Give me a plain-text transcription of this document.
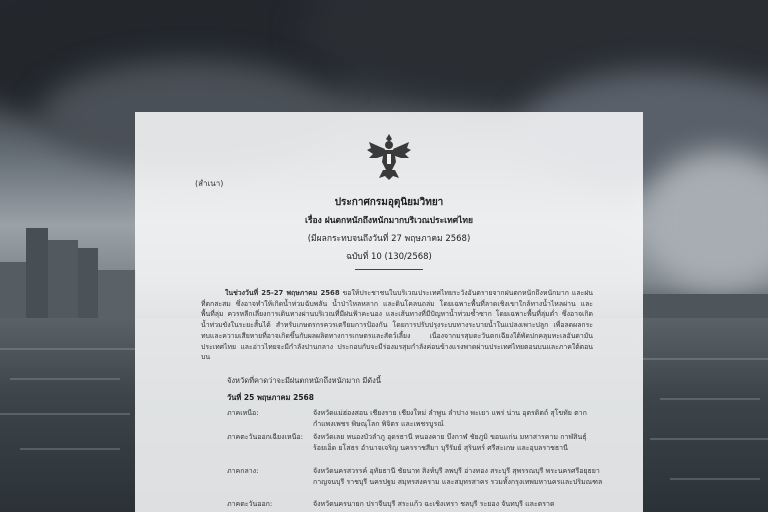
(สำเนา)
ประกาศกรมอุตุนิยมวิทยา
เรื่อง ฝนตกหนักถึงหนักมากบริเวณประเทศไทย
(มีผลกระทบจนถึงวันที่ 27 พฤษภาคม 2568)
ฉบับที่ 10 (130/2568)
ในช่วงวันที่ 25-27 พฤษภาคม 2568 ขอให้ประชาชนในบริเวณประเทศไทยระวังอันตรายจากฝนตกหนักถึงหนักมาก และฝนที่ตกสะสม ซึ่งอาจทำให้เกิดน้ำท่วมฉับพลัน น้ำป่าไหลหลาก และดินโคลนถล่ม โดยเฉพาะพื้นที่ลาดเชิงเขาใกล้ทางน้ำไหลผ่าน และพื้นที่ลุ่ม ควรหลีกเลี่ยงการเดินทางผ่านบริเวณที่มีฝนฟ้าคะนอง และเส้นทางที่มีปัญหาน้ำท่วมซ้ำซาก โดยเฉพาะพื้นที่ลุ่มต่ำ ซึ่งอาจเกิดน้ำท่วมขังในระยะสั้นได้ สำหรับเกษตรกรควรเตรียมการป้องกัน โดยการปรับปรุงระบบทางระบายน้ำในแปลงเพาะปลูก เพื่อลดผลกระทบและความเสียหายที่อาจเกิดขึ้นกับผลผลิตทางการเกษตรและสัตว์เลี้ยง เนื่องจากมรสุมตะวันตกเฉียงใต้พัดปกคลุมทะเลอันดามัน ประเทศไทย และอ่าวไทยจะมีกำลังปานกลาง ประกอบกับจะมีร่องมรสุมกำลังค่อนข้างแรงพาดผ่านประเทศไทยตอนบนและภาคใต้ตอนบน
จังหวัดที่คาดว่าจะมีฝนตกหนักถึงหนักมาก มีดังนี้
วันที่ 25 พฤษภาคม 2568
ภาคเหนือ:	จังหวัดแม่ฮ่องสอน เชียงราย เชียงใหม่ ลำพูน ลำปาง พะเยา แพร่ น่าน อุตรดิตถ์ สุโขทัย ตาก กำแพงเพชร พิษณุโลก พิจิตร และเพชรบูรณ์
ภาคตะวันออกเฉียงเหนือ: จังหวัดเลย หนองบัวลำภู อุดรธานี หนองคาย บึงกาฬ ชัยภูมิ ขอนแก่น มหาสารคาม กาฬสินธุ์ ร้อยเอ็ด ยโสธร อำนาจเจริญ นครราชสีมา บุรีรัมย์ สุรินทร์ ศรีสะเกษ และอุบลราชธานี
ภาคกลาง:	จังหวัดนครสวรรค์ อุทัยธานี ชัยนาท สิงห์บุรี ลพบุรี อ่างทอง สระบุรี สุพรรณบุรี พระนครศรีอยุธยา กาญจนบุรี ราชบุรี นครปฐม สมุทรสงคราม และสมุทรสาคร รวมทั้งกรุงเทพมหานครและปริมณฑล
ภาคตะวันออก:	จังหวัดนครนายก ปราจีนบุรี สระแก้ว ฉะเชิงเทรา ชลบุรี ระยอง จันทบุรี และตราด
